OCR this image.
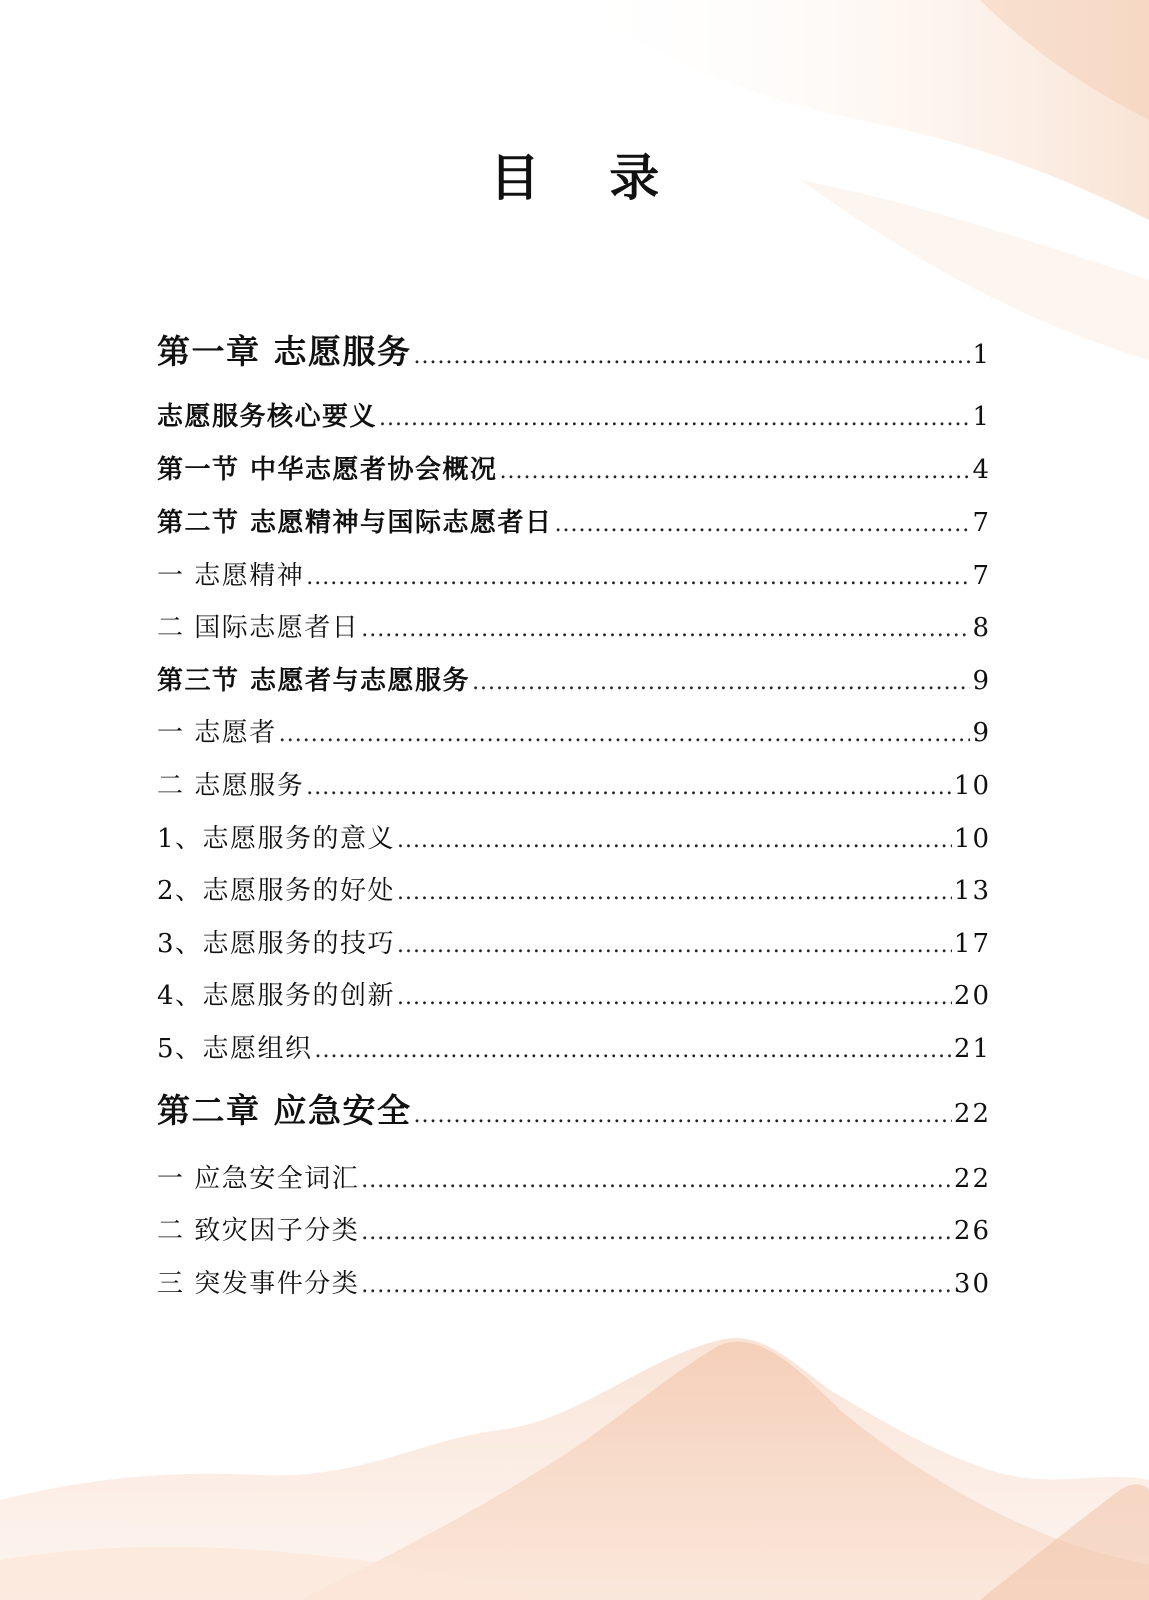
目 录
第一章 志愿服务 .....	1
志愿服务核心要义 .....	1
第一节 中华志愿者协会概况 .....	4
第二节 志愿精神与国际志愿者日 .....	7
一 志愿精神 .....	7
二 国际志愿者日 .....	8
第三节 志愿者与志愿服务 .....	9
一 志愿者 .....	9
二 志愿服务 .....	10
1、志愿服务的意义 .....	10
2、志愿服务的好处 .....	13
3、志愿服务的技巧 .....	17
4、志愿服务的创新 .....	20
5、志愿组织 .....	21
第二章 应急安全 .....	22
一 应急安全词汇 .....	22
二 致灾因子分类 .....	26
三 突发事件分类 .....	30
